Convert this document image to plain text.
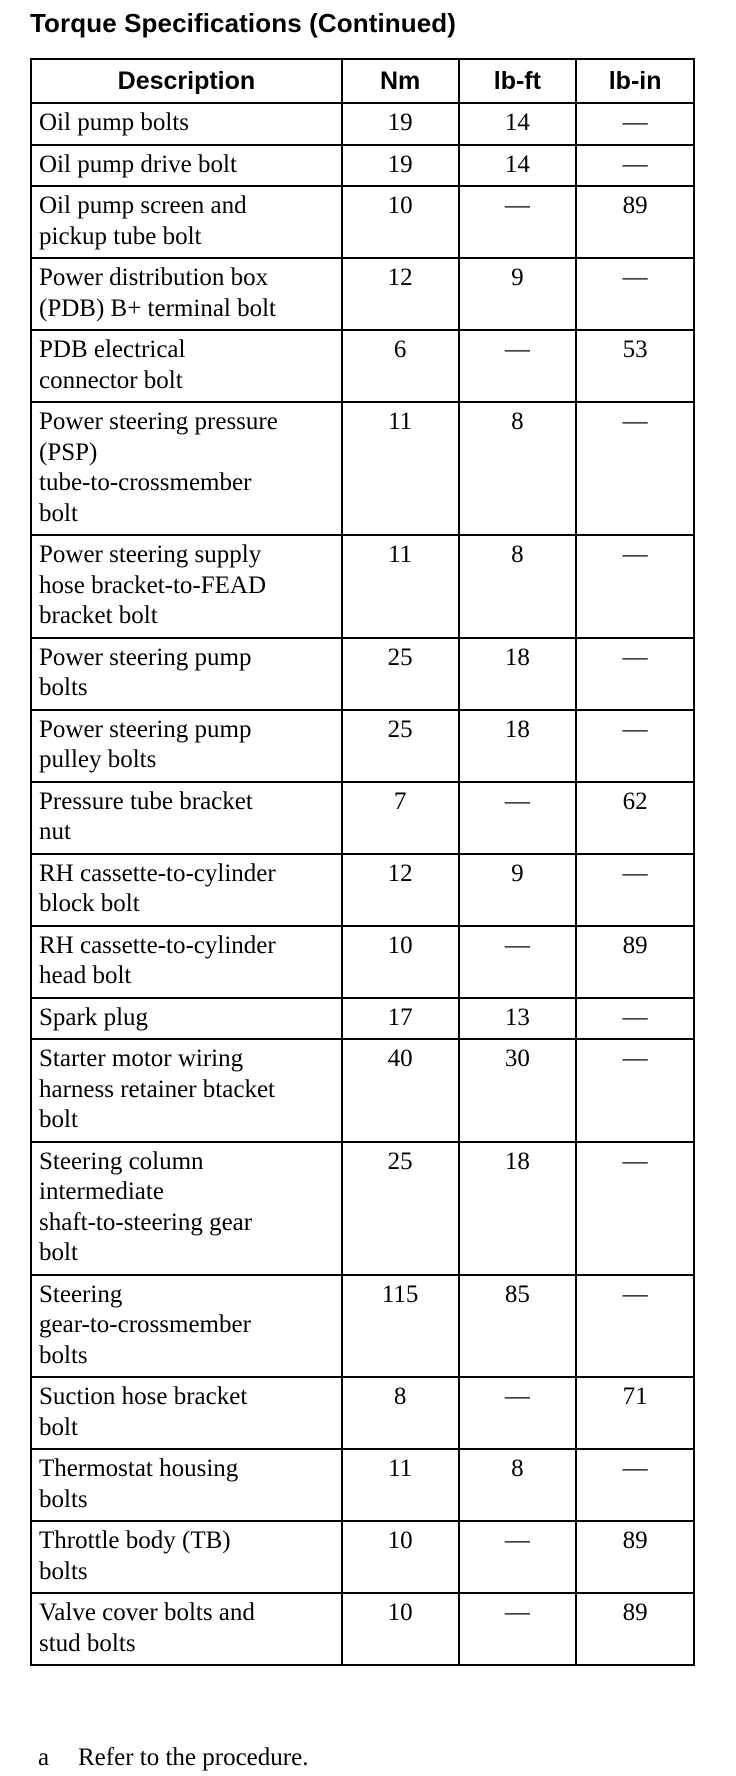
Torque Specifications (Continued)
Description	Nm	lb-ft	lb-in
Oil pump bolts	19	14	—
Oil pump drive bolt	19	14	—
Oil pump screen and
pickup tube bolt	10	—	89
Power distribution box
(PDB) B+ terminal bolt	12	9	—
PDB electrical
connector bolt	6	—	53
Power steering pressure
(PSP)
tube-to-crossmember
bolt	11	8	—
Power steering supply
hose bracket-to-FEAD
bracket bolt	11	8	—
Power steering pump
bolts	25	18	—
Power steering pump
pulley bolts	25	18	—
Pressure tube bracket
nut	7	—	62
RH cassette-to-cylinder
block bolt	12	9	—
RH cassette-to-cylinder
head bolt	10	—	89
Spark plug	17	13	—
Starter motor wiring
harness retainer btacket
bolt	40	30	—
Steering column
intermediate
shaft-to-steering gear
bolt	25	18	—
Steering
gear-to-crossmember
bolts	115	85	—
Suction hose bracket
bolt	8	—	71
Thermostat housing
bolts	11	8	—
Throttle body (TB)
bolts	10	—	89
Valve cover bolts and
stud bolts	10	—	89
a Refer to the procedure.
